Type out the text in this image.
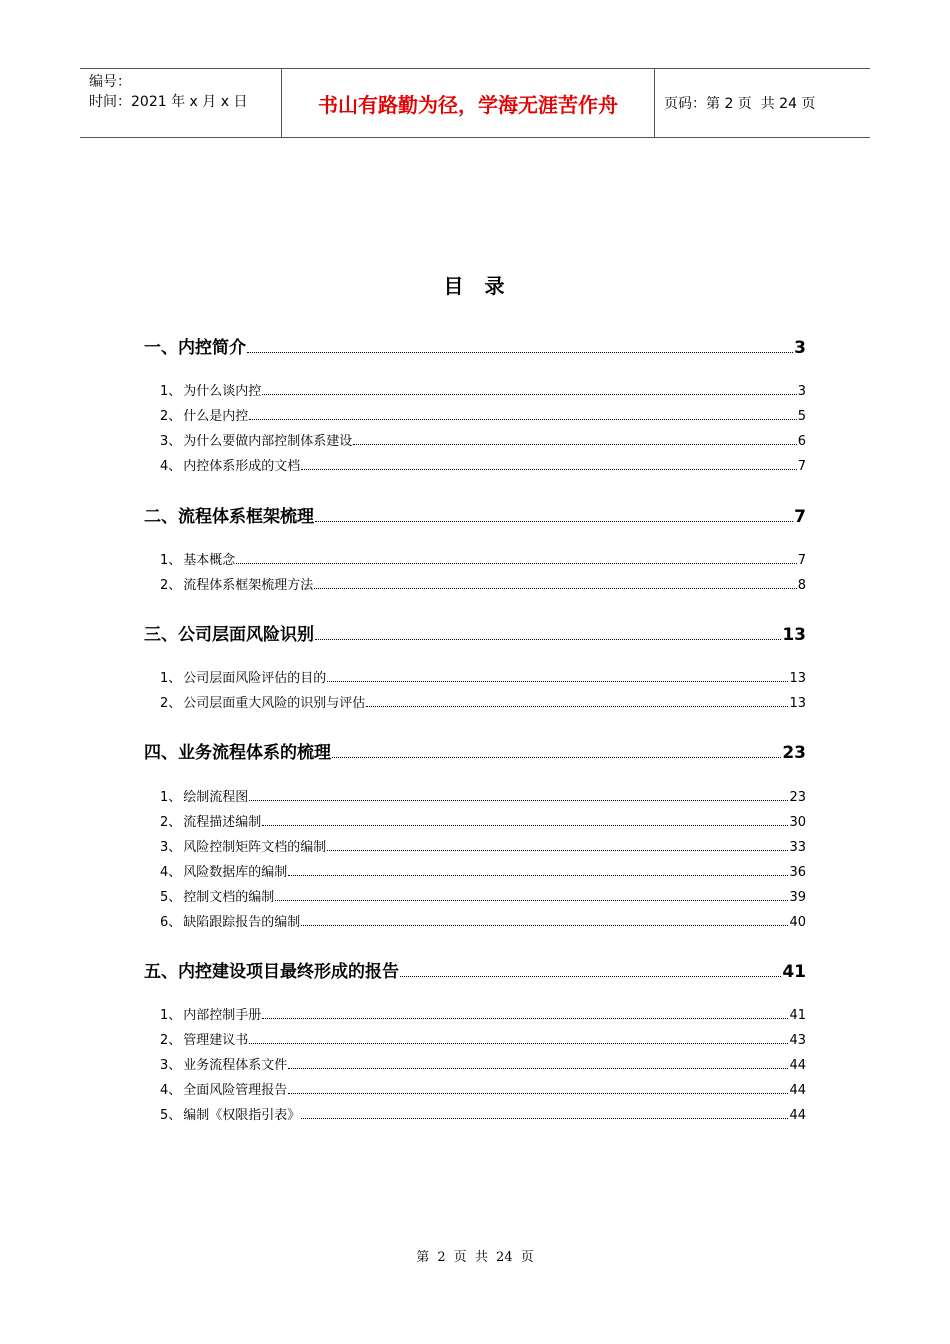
编号：
时间：2021 年 x 月 x 日	书山有路勤为径，学海无涯苦作舟	页码：第 2 页  共 24 页
目 录
一、内控简介	3
1、 为什么谈内控	3
2、 什么是内控	5
3、 为什么要做内部控制体系建设	6
4、 内控体系形成的文档	7
二、流程体系框架梳理	7
1、 基本概念	7
2、 流程体系框架梳理方法	8
三、公司层面风险识别	13
1、 公司层面风险评估的目的	13
2、 公司层面重大风险的识别与评估	13
四、业务流程体系的梳理	23
1、 绘制流程图	23
2、 流程描述编制	30
3、 风险控制矩阵文档的编制	33
4、 风险数据库的编制	36
5、 控制文档的编制	39
6、 缺陷跟踪报告的编制	40
五、内控建设项目最终形成的报告	41
1、 内部控制手册	41
2、 管理建议书	43
3、 业务流程体系文件	44
4、 全面风险管理报告	44
5、 编制《权限指引表》	44
第 2 页 共 24 页
